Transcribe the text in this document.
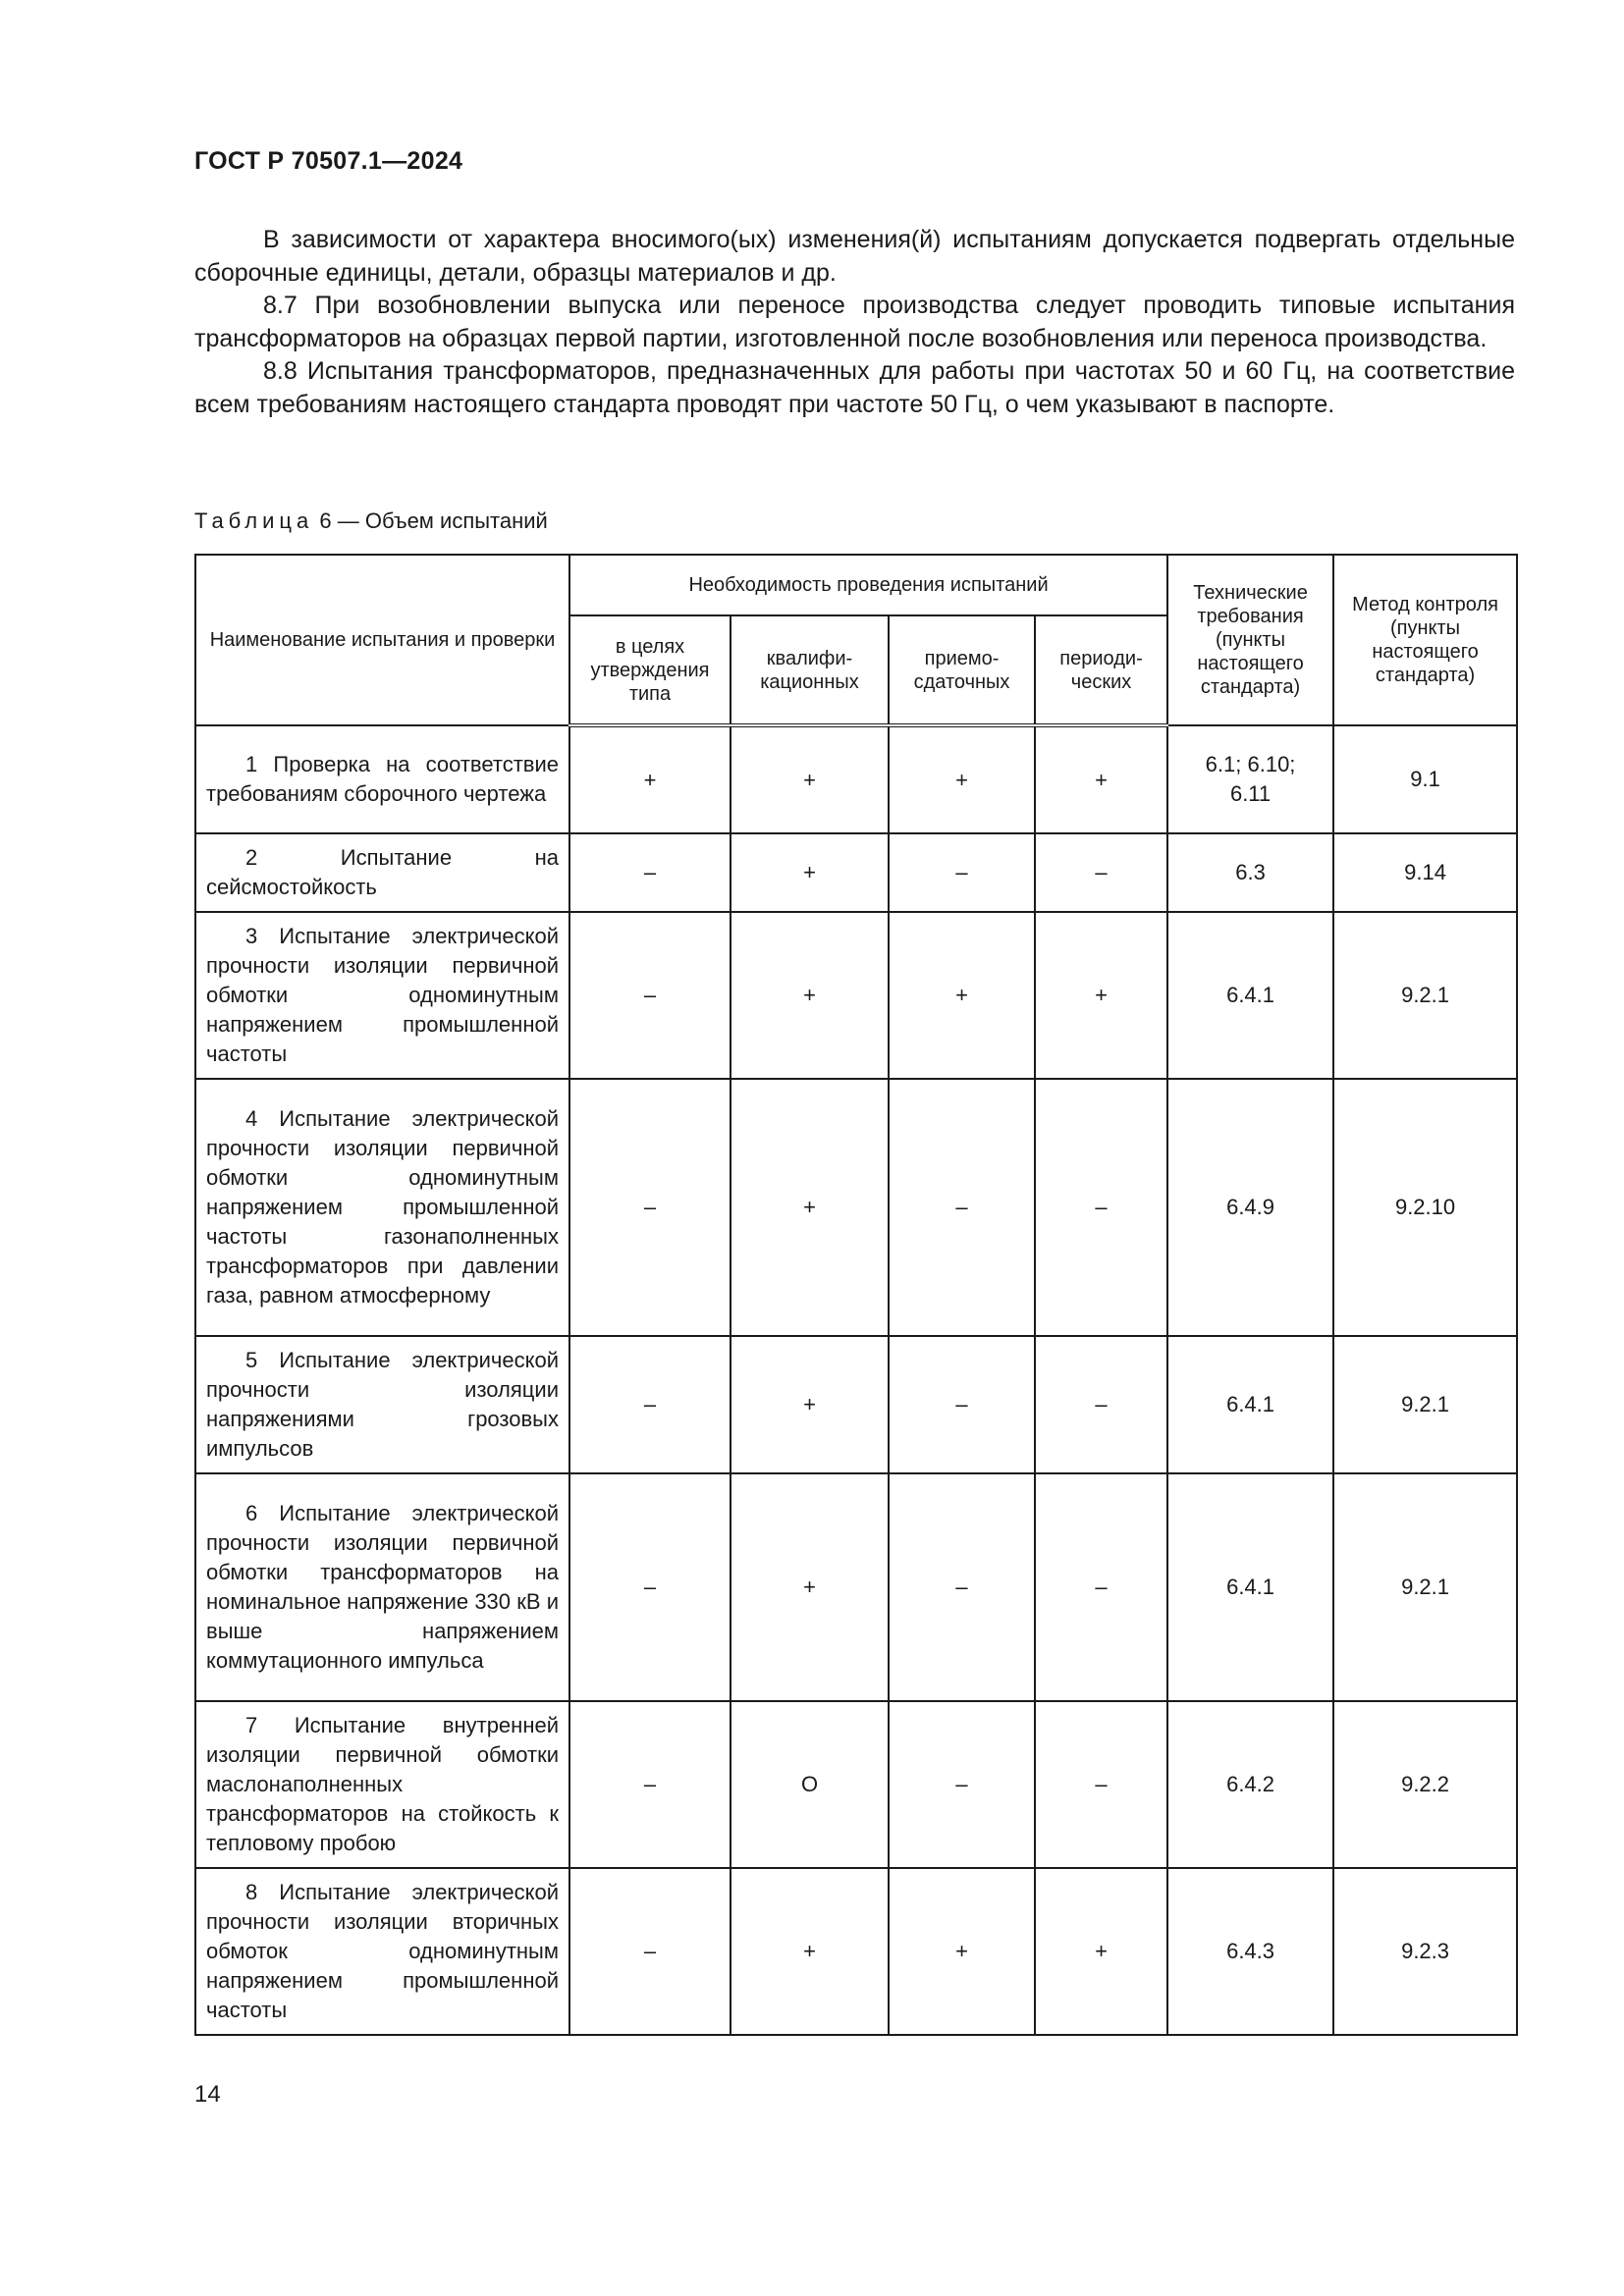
ГОСТ Р 70507.1—2024

В зависимости от характера вносимого(ых) изменения(й) испытаниям допускается подвергать отдельные сборочные единицы, детали, образцы материалов и др.

8.7 При возобновлении выпуска или переносе производства следует проводить типовые испытания трансформаторов на образцах первой партии, изготовленной после возобновления или переноса производства.

8.8 Испытания трансформаторов, предназначенных для работы при частотах 50 и 60 Гц, на соответствие всем требованиям настоящего стандарта проводят при частоте 50 Гц, о чем указывают в паспорте.

Таблица 6 — Объем испытаний
Наименование испытания и проверки	Необходимость проведения испытаний				Технические требования (пункты настоящего стандарта)	Метод контроля (пункты настоящего стандарта)
	в целях утверждения типа	квалифи-кационных	приемо-сдаточных	периоди-ческих		
1 Проверка на соответствие требованиям сборочного чертежа	+	+	+	+	6.1; 6.10; 6.11	9.1
2 Испытание на сейсмостойкость	–	+	–	–	6.3	9.14
3 Испытание электрической прочности изоляции первичной обмотки одноминутным напряжением промышленной частоты	–	+	+	+	6.4.1	9.2.1
4 Испытание электрической прочности изоляции первичной обмотки одноминутным напряжением промышленной частоты газонаполненных трансформаторов при давлении газа, равном атмосферному	–	+	–	–	6.4.9	9.2.10
5 Испытание электрической прочности изоляции напряжениями грозовых импульсов	–	+	–	–	6.4.1	9.2.1
6 Испытание электрической прочности изоляции первичной обмотки трансформаторов на номинальное напряжение 330 кВ и выше напряжением коммутационного импульса	–	+	–	–	6.4.1	9.2.1
7 Испытание внутренней изоляции первичной обмотки маслонаполненных трансформаторов на стойкость к тепловому пробою	–	О	–	–	6.4.2	9.2.2
8 Испытание электрической прочности изоляции вторичных обмоток одноминутным напряжением промышленной частоты	–	+	+	+	6.4.3	9.2.3
14
